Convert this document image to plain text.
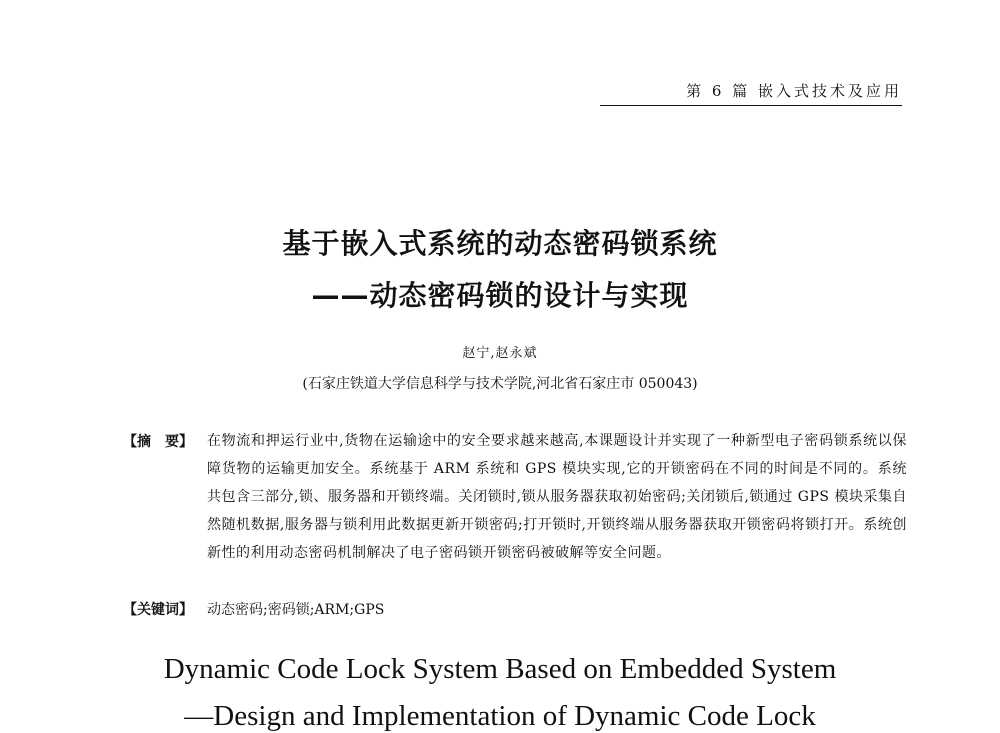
第 6 篇 嵌入式技术及应用
基于嵌入式系统的动态密码锁系统
——动态密码锁的设计与实现
赵宁,赵永斌
(石家庄铁道大学信息科学与技术学院,河北省石家庄市 050043)
【摘　要】 在物流和押运行业中,货物在运输途中的安全要求越来越高,本课题设计并实现了一种新型电子密码锁系统以保障货物的运输更加安全。系统基于 ARM 系统和 GPS 模块实现,它的开锁密码在不同的时间是不同的。系统共包含三部分,锁、服务器和开锁终端。关闭锁时,锁从服务器获取初始密码;关闭锁后,锁通过 GPS 模块采集自然随机数据,服务器与锁利用此数据更新开锁密码;打开锁时,开锁终端从服务器获取开锁密码将锁打开。系统创新性的利用动态密码机制解决了电子密码锁开锁密码被破解等安全问题。
【关键词】 动态密码;密码锁;ARM;GPS
Dynamic Code Lock System Based on Embedded System
—Design and Implementation of Dynamic Code Lock
